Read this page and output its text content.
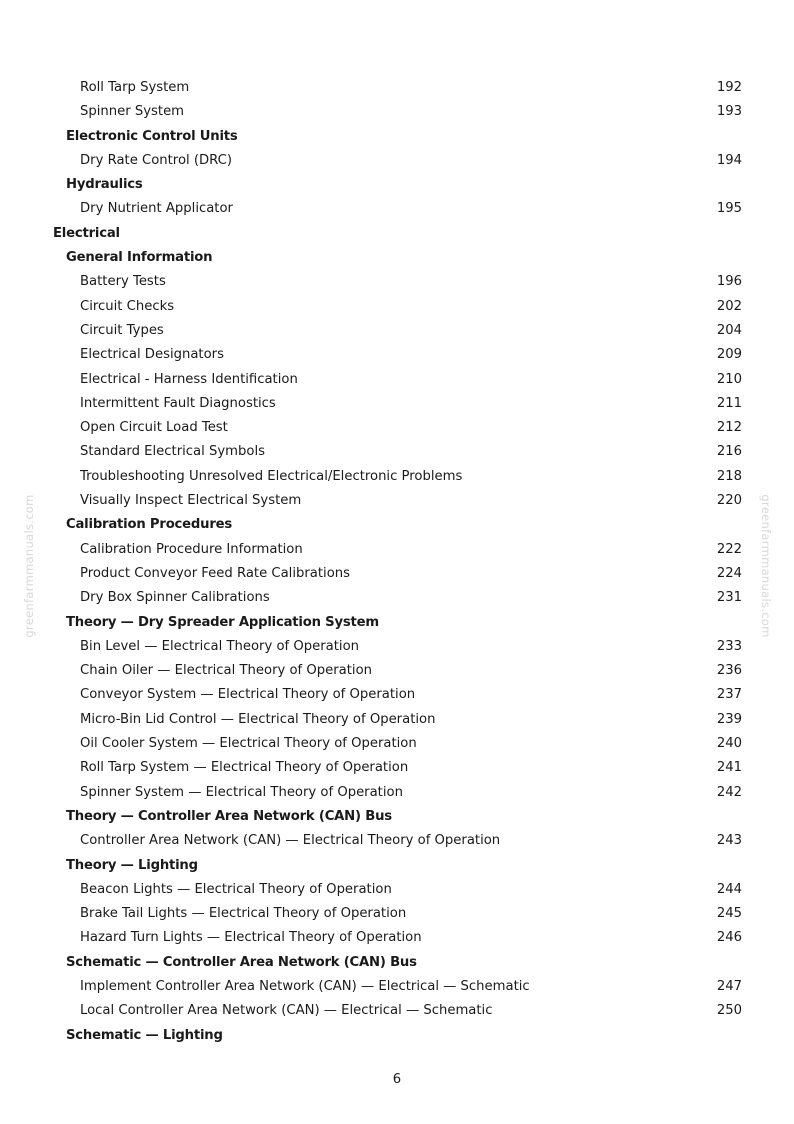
Roll Tarp System	192
Spinner System	193
Electronic Control Units
Dry Rate Control (DRC)	194
Hydraulics
Dry Nutrient Applicator	195
Electrical
General Information
Battery Tests	196
Circuit Checks	202
Circuit Types	204
Electrical Designators	209
Electrical - Harness Identification	210
Intermittent Fault Diagnostics	211
Open Circuit Load Test	212
Standard Electrical Symbols	216
Troubleshooting Unresolved Electrical/Electronic Problems	218
Visually Inspect Electrical System	220
Calibration Procedures
Calibration Procedure Information	222
Product Conveyor Feed Rate Calibrations	224
Dry Box Spinner Calibrations	231
Theory — Dry Spreader Application System
Bin Level — Electrical Theory of Operation	233
Chain Oiler — Electrical Theory of Operation	236
Conveyor System — Electrical Theory of Operation	237
Micro-Bin Lid Control — Electrical Theory of Operation	239
Oil Cooler System — Electrical Theory of Operation	240
Roll Tarp System — Electrical Theory of Operation	241
Spinner System — Electrical Theory of Operation	242
Theory — Controller Area Network (CAN) Bus
Controller Area Network (CAN) — Electrical Theory of Operation	243
Theory — Lighting
Beacon Lights — Electrical Theory of Operation	244
Brake Tail Lights — Electrical Theory of Operation	245
Hazard Turn Lights — Electrical Theory of Operation	246
Schematic — Controller Area Network (CAN) Bus
Implement Controller Area Network (CAN) — Electrical — Schematic	247
Local Controller Area Network (CAN) — Electrical — Schematic	250
Schematic — Lighting
6
greenfarmmanuals.com	greenfarmmanuals.com
